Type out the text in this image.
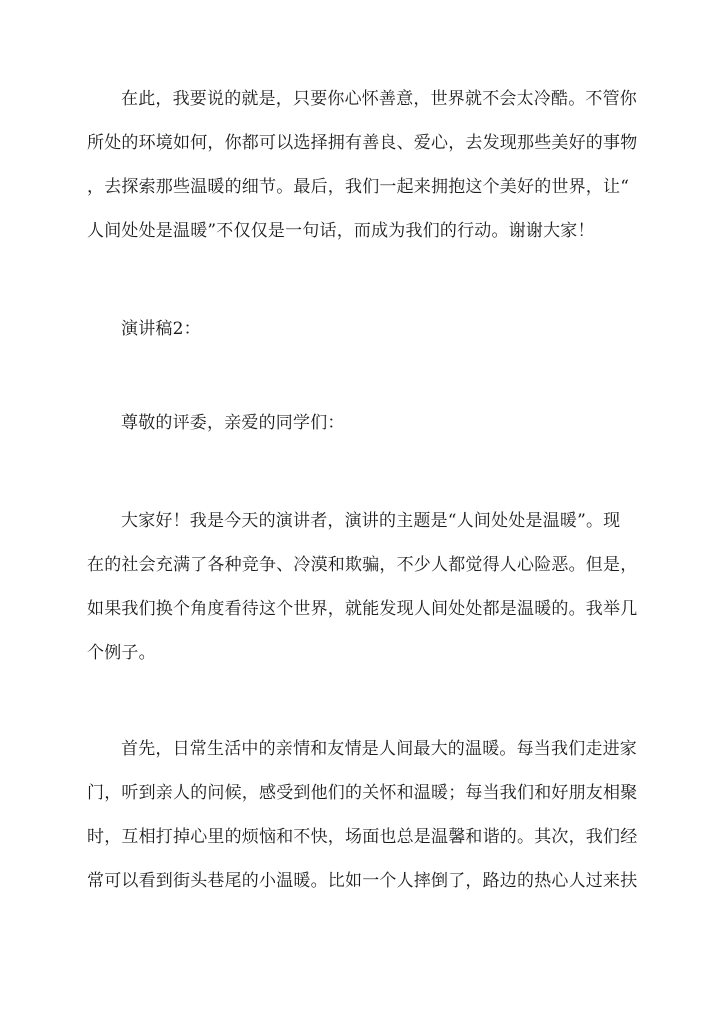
在此，我要说的就是，只要你心怀善意，世界就不会太冷酷。不管你
所处的环境如何，你都可以选择拥有善良、爱心，去发现那些美好的事物
，去探索那些温暖的细节。最后，我们一起来拥抱这个美好的世界，让“
人间处处是温暖”不仅仅是一句话，而成为我们的行动。谢谢大家！
演讲稿2：
尊敬的评委，亲爱的同学们：
大家好！我是今天的演讲者，演讲的主题是“人间处处是温暖”。现
在的社会充满了各种竞争、冷漠和欺骗，不少人都觉得人心险恶。但是，
如果我们换个角度看待这个世界，就能发现人间处处都是温暖的。我举几
个例子。
首先，日常生活中的亲情和友情是人间最大的温暖。每当我们走进家
门，听到亲人的问候，感受到他们的关怀和温暖；每当我们和好朋友相聚
时，互相打掉心里的烦恼和不快，场面也总是温馨和谐的。其次，我们经
常可以看到街头巷尾的小温暖。比如一个人摔倒了，路边的热心人过来扶
